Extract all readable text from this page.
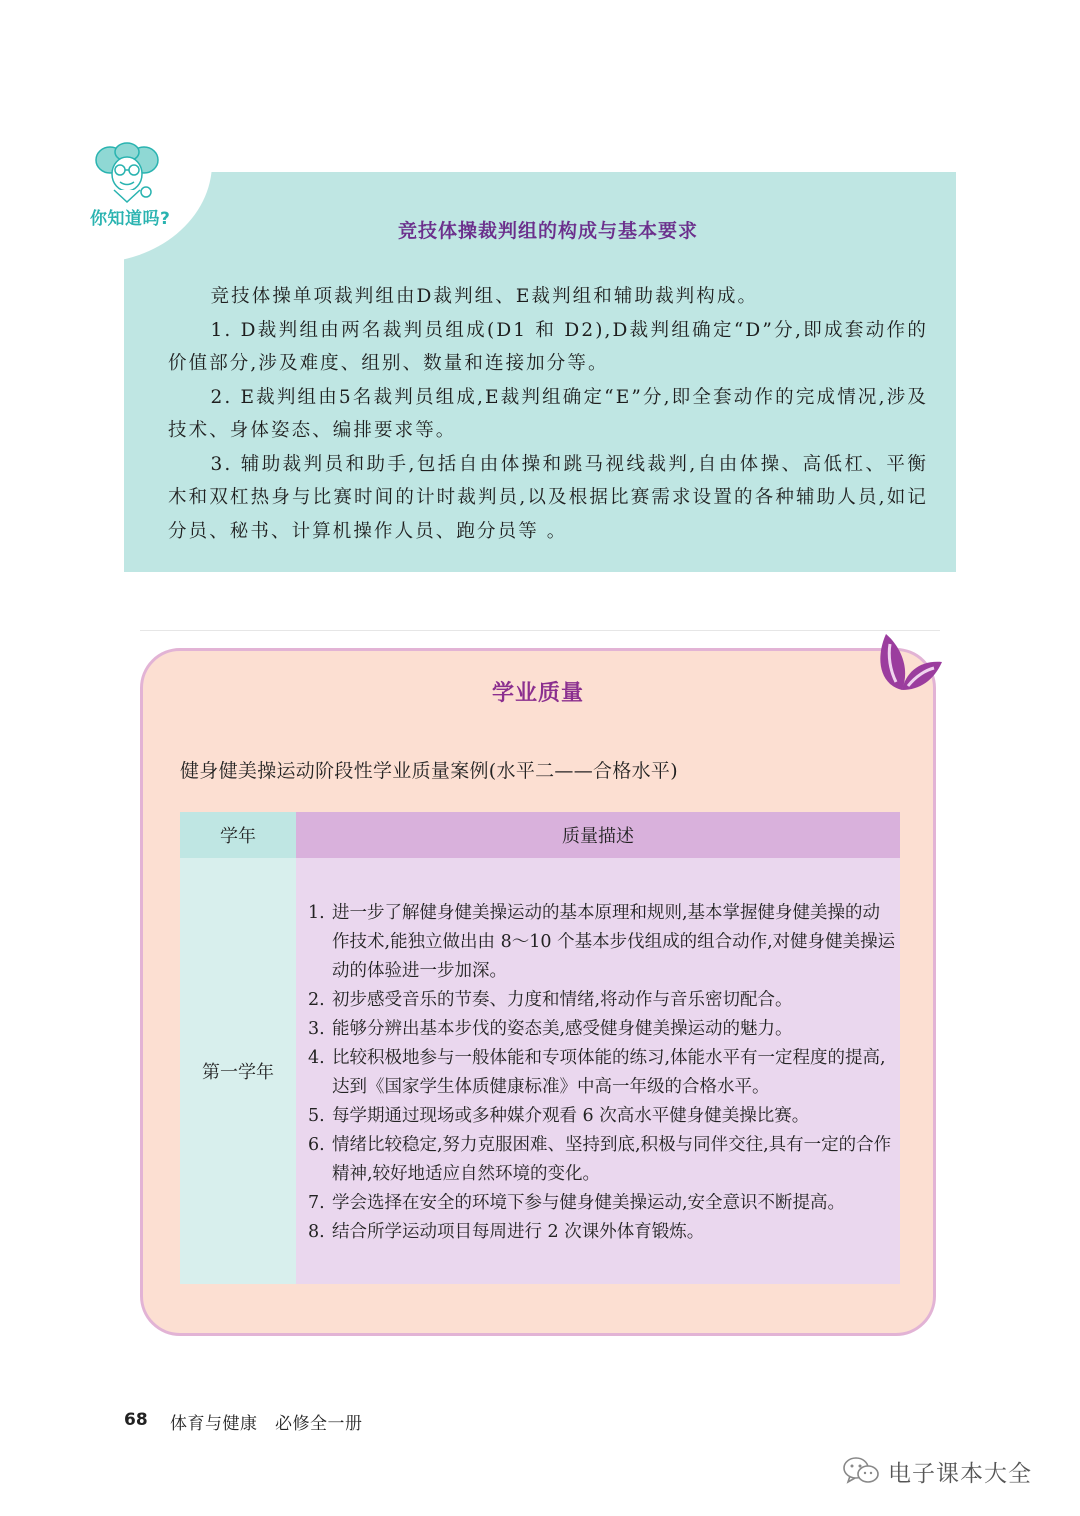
你知道吗?
竞技体操裁判组的构成与基本要求

竞技体操单项裁判组由D裁判组、E裁判组和辅助裁判构成。

1. D裁判组由两名裁判员组成(D1 和 D2),D裁判组确定“D”分,即成套动作的价值部分,涉及难度、组别、数量和连接加分等。

2. E裁判组由5名裁判员组成,E裁判组确定“E”分,即全套动作的完成情况,涉及技术、身体姿态、编排要求等。

3. 辅助裁判员和助手,包括自由体操和跳马视线裁判,自由体操、高低杠、平衡木和双杠热身与比赛时间的计时裁判员,以及根据比赛需求设置的各种辅助人员,如记分员、秘书、计算机操作人员、跑分员等 。

学业质量
健身健美操运动阶段性学业质量案例(水平二——合格水平)
学年	质量描述
第一学年
1. 进一步了解健身健美操运动的基本原理和规则,基本掌握健身健美操的动作技术,能独立做出由 8～10 个基本步伐组成的组合动作,对健身健美操运动的体验进一步加深。
2. 初步感受音乐的节奏、力度和情绪,将动作与音乐密切配合。
3. 能够分辨出基本步伐的姿态美,感受健身健美操运动的魅力。
4. 比较积极地参与一般体能和专项体能的练习,体能水平有一定程度的提高,达到《国家学生体质健康标准》中高一年级的合格水平。
5. 每学期通过现场或多种媒介观看 6 次高水平健身健美操比赛。
6. 情绪比较稳定,努力克服困难、坚持到底,积极与同伴交往,具有一定的合作精神,较好地适应自然环境的变化。
7. 学会选择在安全的环境下参与健身健美操运动,安全意识不断提高。
8. 结合所学运动项目每周进行 2 次课外体育锻炼。
68 体育与健康　必修全一册
电子课本大全
